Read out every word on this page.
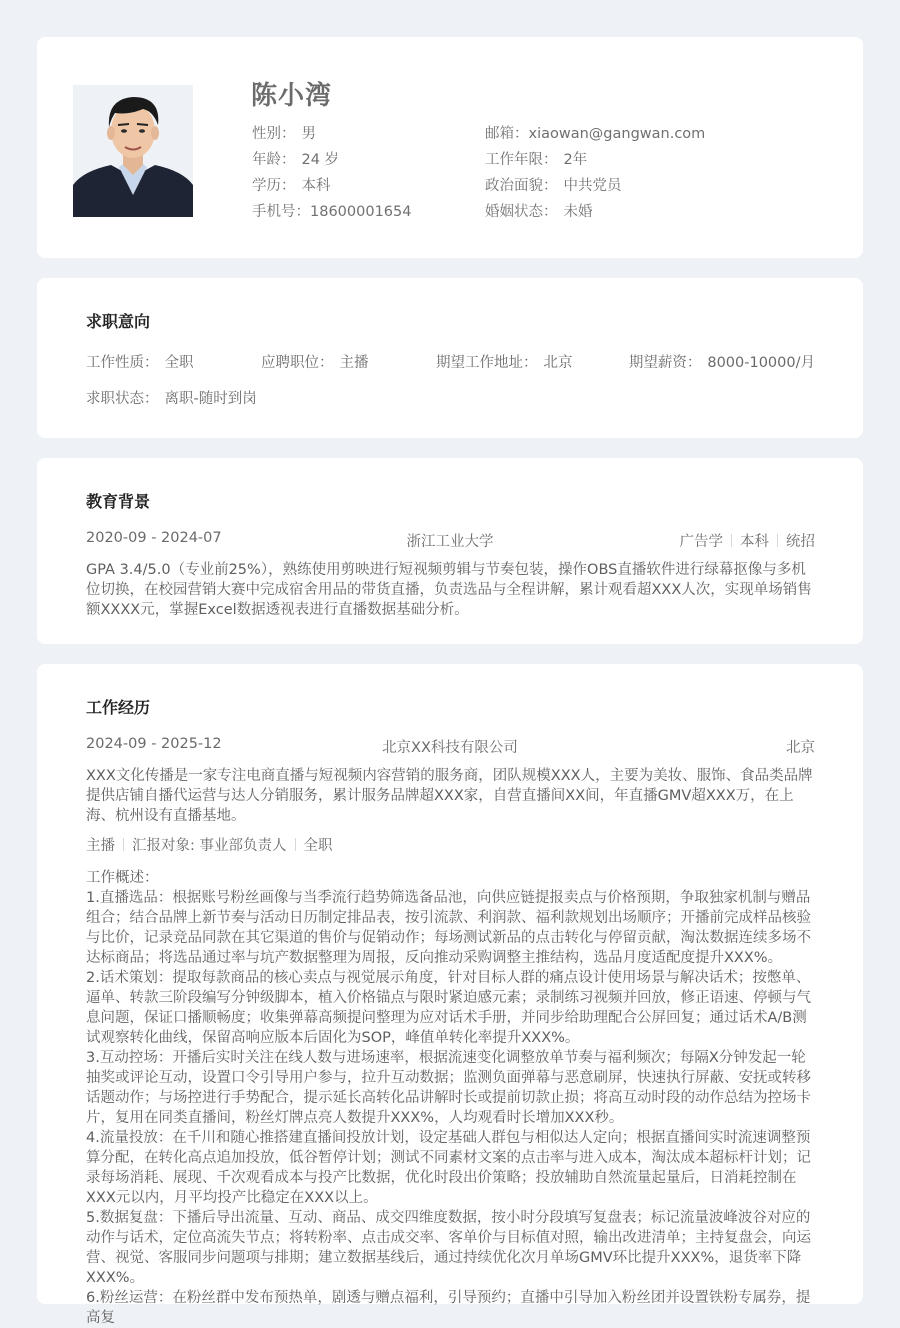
陈小湾
性别： 男
年龄： 24 岁
学历： 本科
手机号：18600001654
邮箱：xiaowan@gangwan.com
工作年限： 2年
政治面貌： 中共党员
婚姻状态： 未婚
求职意向
工作性质： 全职	应聘职位： 主播	期望工作地址： 北京	期望薪资： 8000-10000/月
求职状态： 离职-随时到岗
教育背景
2020-09 - 2024-07	浙江工业大学	广告学 本科 统招
GPA 3.4/5.0（专业前25%），熟练使用剪映进行短视频剪辑与节奏包装，操作OBS直播软件进行绿幕抠像与多机位切换，在校园营销大赛中完成宿舍用品的带货直播，负责选品与全程讲解，累计观看超XXX人次，实现单场销售额XXXX元，掌握Excel数据透视表进行直播数据基础分析。
工作经历
2024-09 - 2025-12	北京XX科技有限公司	北京
XXX文化传播是一家专注电商直播与短视频内容营销的服务商，团队规模XXX人，主要为美妆、服饰、食品类品牌提供店铺自播代运营与达人分销服务，累计服务品牌超XXX家，自营直播间XX间，年直播GMV超XXX万，在上海、杭州设有直播基地。
主播 汇报对象: 事业部负责人 全职
工作概述：
1.直播选品：根据账号粉丝画像与当季流行趋势筛选备品池，向供应链提报卖点与价格预期，争取独家机制与赠品组合；结合品牌上新节奏与活动日历制定排品表，按引流款、利润款、福利款规划出场顺序；开播前完成样品核验与比价，记录竞品同款在其它渠道的售价与促销动作；每场测试新品的点击转化与停留贡献，淘汰数据连续多场不达标商品；将选品通过率与坑产数据整理为周报，反向推动采购调整主推结构，选品月度适配度提升XXX%。
2.话术策划：提取每款商品的核心卖点与视觉展示角度，针对目标人群的痛点设计使用场景与解决话术；按憋单、逼单、转款三阶段编写分钟级脚本，植入价格锚点与限时紧迫感元素；录制练习视频并回放，修正语速、停顿与气息问题，保证口播顺畅度；收集弹幕高频提问整理为应对话术手册，并同步给助理配合公屏回复；通过话术A/B测试观察转化曲线，保留高响应版本后固化为SOP，峰值单转化率提升XXX%。
3.互动控场：开播后实时关注在线人数与进场速率，根据流速变化调整放单节奏与福利频次；每隔X分钟发起一轮抽奖或评论互动，设置口令引导用户参与，拉升互动数据；监测负面弹幕与恶意刷屏，快速执行屏蔽、安抚或转移话题动作；与场控进行手势配合，提示延长高转化品讲解时长或提前切款止损；将高互动时段的动作总结为控场卡片，复用在同类直播间，粉丝灯牌点亮人数提升XXX%，人均观看时长增加XXX秒。
4.流量投放：在千川和随心推搭建直播间投放计划，设定基础人群包与相似达人定向；根据直播间实时流速调整预算分配，在转化高点追加投放，低谷暂停计划；测试不同素材文案的点击率与进入成本，淘汰成本超标杆计划；记录每场消耗、展现、千次观看成本与投产比数据，优化时段出价策略；投放辅助自然流量起量后，日消耗控制在XXX元以内，月平均投产比稳定在XXX以上。
5.数据复盘：下播后导出流量、互动、商品、成交四维度数据，按小时分段填写复盘表；标记流量波峰波谷对应的动作与话术，定位高流失节点；将转粉率、点击成交率、客单价与目标值对照，输出改进清单；主持复盘会，向运营、视觉、客服同步问题项与排期；建立数据基线后，通过持续优化次月单场GMV环比提升XXX%，退货率下降XXX%。
6.粉丝运营：在粉丝群中发布预热单，剧透与赠点福利，引导预约；直播中引导加入粉丝团并设置铁粉专属券，提高复
